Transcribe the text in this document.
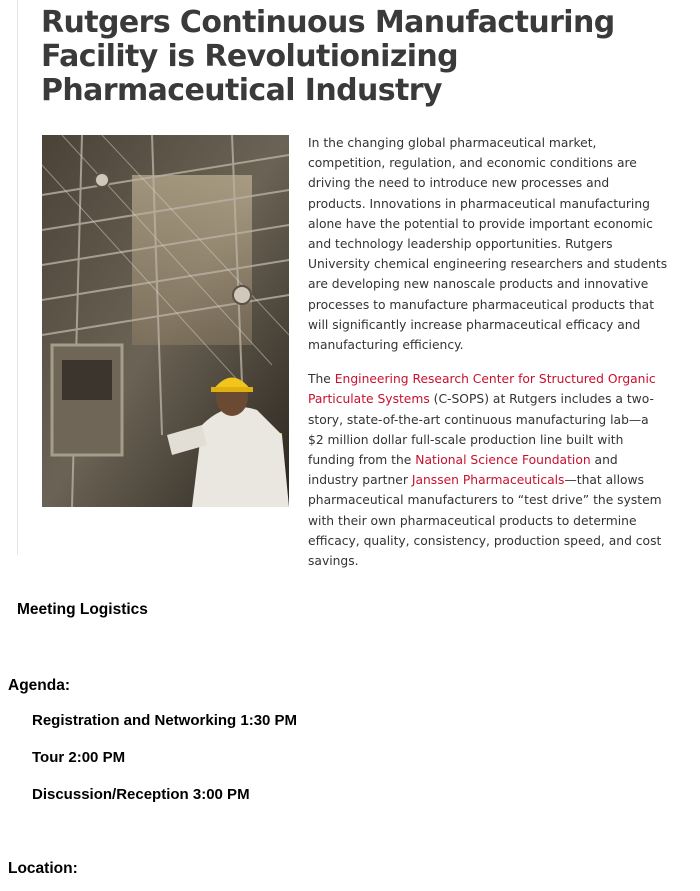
Rutgers Continuous Manufacturing Facility is Revolutionizing Pharmaceutical Industry

In the changing global pharmaceutical market, competition, regulation, and economic conditions are driving the need to introduce new processes and products. Innovations in pharmaceutical manufacturing alone have the potential to provide important economic and technology leadership opportunities. Rutgers University chemical engineering researchers and students are developing new nanoscale products and innovative processes to manufacture pharmaceutical products that will significantly increase pharmaceutical efficacy and manufacturing efficiency.

The Engineering Research Center for Structured Organic Particulate Systems (C-SOPS) at Rutgers includes a two-story, state-of-the-art continuous manufacturing lab—a $2 million dollar full-scale production line built with funding from the National Science Foundation and industry partner Janssen Pharmaceuticals—that allows pharmaceutical manufacturers to “test drive” the system with their own pharmaceutical products to determine efficacy, quality, consistency, production speed, and cost savings.

Meeting Logistics
Agenda:

Registration and Networking 1:30 PM

Tour 2:00 PM

Discussion/Reception 3:00 PM

Location:
